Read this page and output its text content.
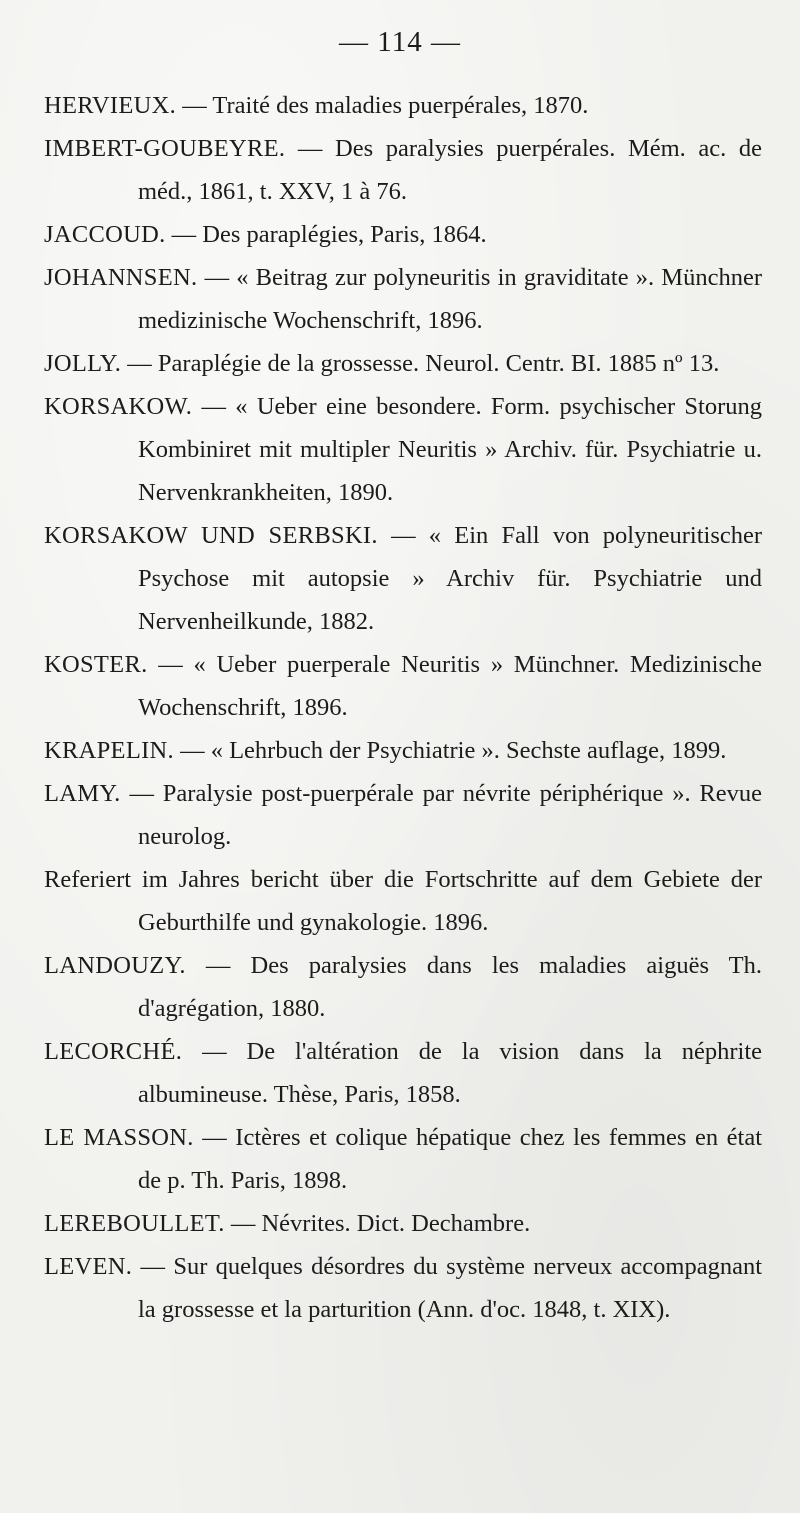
— 114 —

HERVIEUX. — Traité des maladies puerpérales, 1870.

IMBERT-GOUBEYRE. — Des paralysies puerpérales. Mém. ac. de méd., 1861, t. XXV, 1 à 76.

JACCOUD. — Des paraplégies, Paris, 1864.

JOHANNSEN. — « Beitrag zur polyneuritis in graviditate ». Münchner medizinische Wochenschrift, 1896.

JOLLY. — Paraplégie de la grossesse. Neurol. Centr. BI. 1885 nº 13.

KORSAKOW. — « Ueber eine besondere. Form. psychischer Storung Kombiniret mit multipler Neuritis » Archiv. für. Psychiatrie u. Nervenkrankheiten, 1890.

KORSAKOW UND SERBSKI. — « Ein Fall von polyneuritischer Psychose mit autopsie » Archiv für. Psychiatrie und Nervenheilkunde, 1882.

KOSTER. — « Ueber puerperale Neuritis » Münchner. Medizinische Wochenschrift, 1896.

KRAPELIN. — « Lehrbuch der Psychiatrie ». Sechste auflage, 1899.

LAMY. — Paralysie post-puerpérale par névrite périphérique ». Revue neurolog.
Referiert im Jahres bericht über die Fortschritte auf dem Gebiete der Geburthilfe und gynakologie. 1896.

LANDOUZY. — Des paralysies dans les maladies aiguës Th. d'agrégation, 1880.

LECORCHÉ. — De l'altération de la vision dans la néphrite albumineuse. Thèse, Paris, 1858.

LE MASSON. — Ictères et colique hépatique chez les femmes en état de p. Th. Paris, 1898.

LEREBOULLET. — Névrites. Dict. Dechambre.

LEVEN. — Sur quelques désordres du système nerveux accompagnant la grossesse et la parturition (Ann. d'oc. 1848, t. XIX).
